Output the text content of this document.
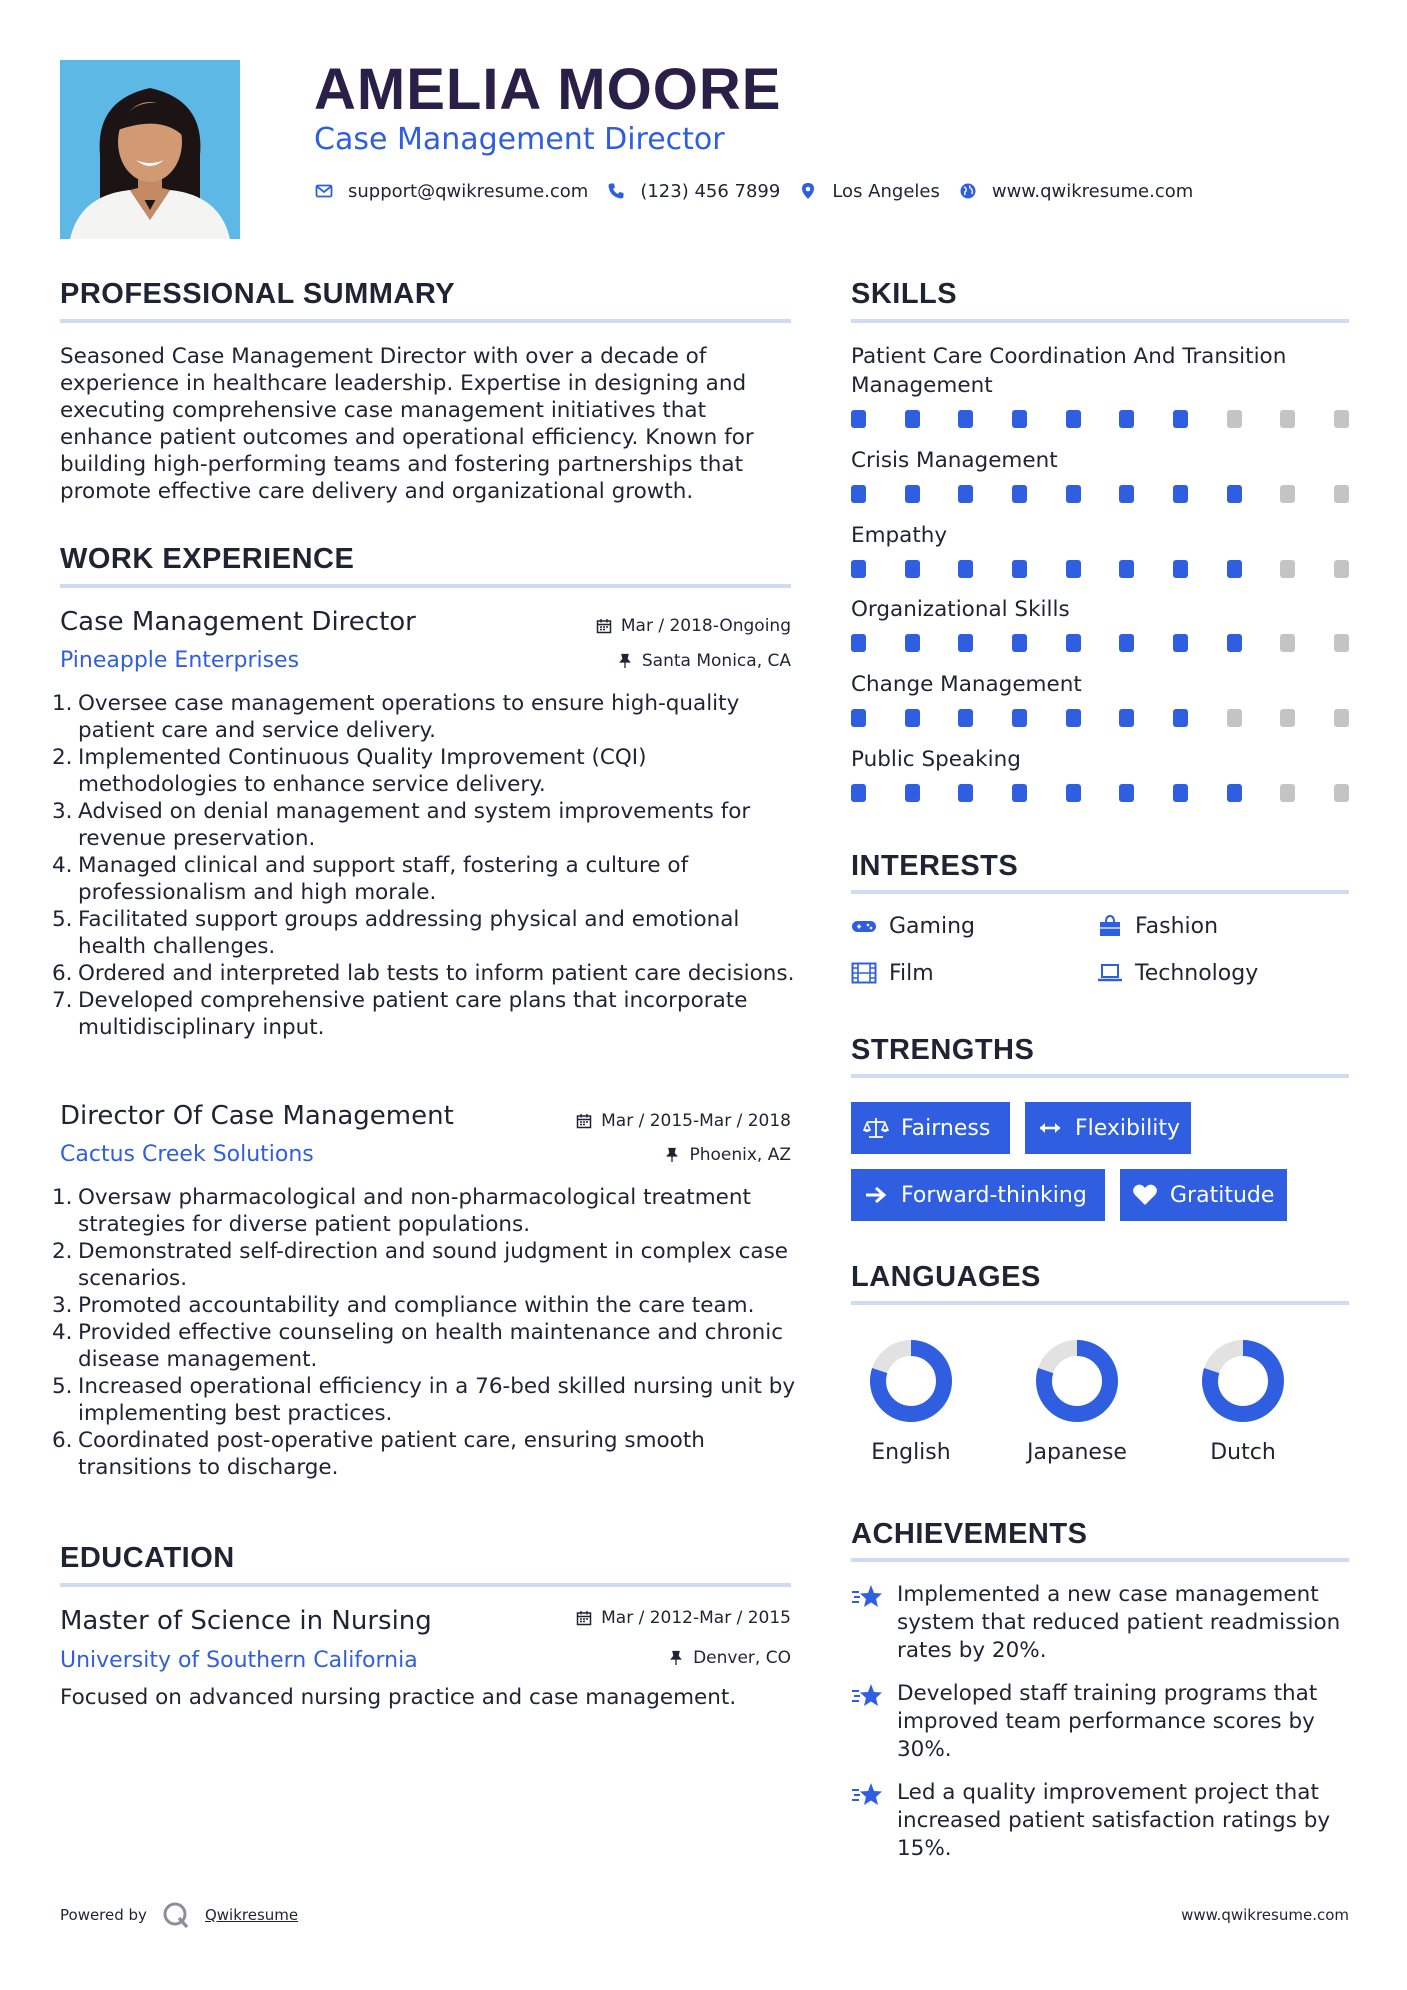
AMELIA MOORE
Case Management Director
support@qwikresume.com	(123) 456 7899	Los Angeles	www.qwikresume.com
PROFESSIONAL SUMMARY
Seasoned Case Management Director with over a decade of experience in healthcare leadership. Expertise in designing and executing comprehensive case management initiatives that enhance patient outcomes and operational efficiency. Known for building high-performing teams and fostering partnerships that promote effective care delivery and organizational growth.
WORK EXPERIENCE
Case Management Director
Pineapple Enterprises
Mar / 2018-Ongoing
Santa Monica, CA
1. Oversee case management operations to ensure high-quality patient care and service delivery.
2. Implemented Continuous Quality Improvement (CQI) methodologies to enhance service delivery.
3. Advised on denial management and system improvements for revenue preservation.
4. Managed clinical and support staff, fostering a culture of professionalism and high morale.
5. Facilitated support groups addressing physical and emotional health challenges.
6. Ordered and interpreted lab tests to inform patient care decisions.
7. Developed comprehensive patient care plans that incorporate multidisciplinary input.
Director Of Case Management
Cactus Creek Solutions
Mar / 2015-Mar / 2018
Phoenix, AZ
1. Oversaw pharmacological and non-pharmacological treatment strategies for diverse patient populations.
2. Demonstrated self-direction and sound judgment in complex case scenarios.
3. Promoted accountability and compliance within the care team.
4. Provided effective counseling on health maintenance and chronic disease management.
5. Increased operational efficiency in a 76-bed skilled nursing unit by implementing best practices.
6. Coordinated post-operative patient care, ensuring smooth transitions to discharge.
EDUCATION
Master of Science in Nursing
University of Southern California
Mar / 2012-Mar / 2015
Denver, CO
Focused on advanced nursing practice and case management.
SKILLS
Patient Care Coordination And Transition Management
Crisis Management
Empathy
Organizational Skills
Change Management
Public Speaking
INTERESTS
Gaming	Fashion
Film	Technology
STRENGTHS
Fairness	Flexibility
Forward-thinking	Gratitude
LANGUAGES
English	Japanese	Dutch
ACHIEVEMENTS
Implemented a new case management system that reduced patient readmission rates by 20%.
Developed staff training programs that improved team performance scores by 30%.
Led a quality improvement project that increased patient satisfaction ratings by 15%.
Powered by	Qwikresume	www.qwikresume.com
